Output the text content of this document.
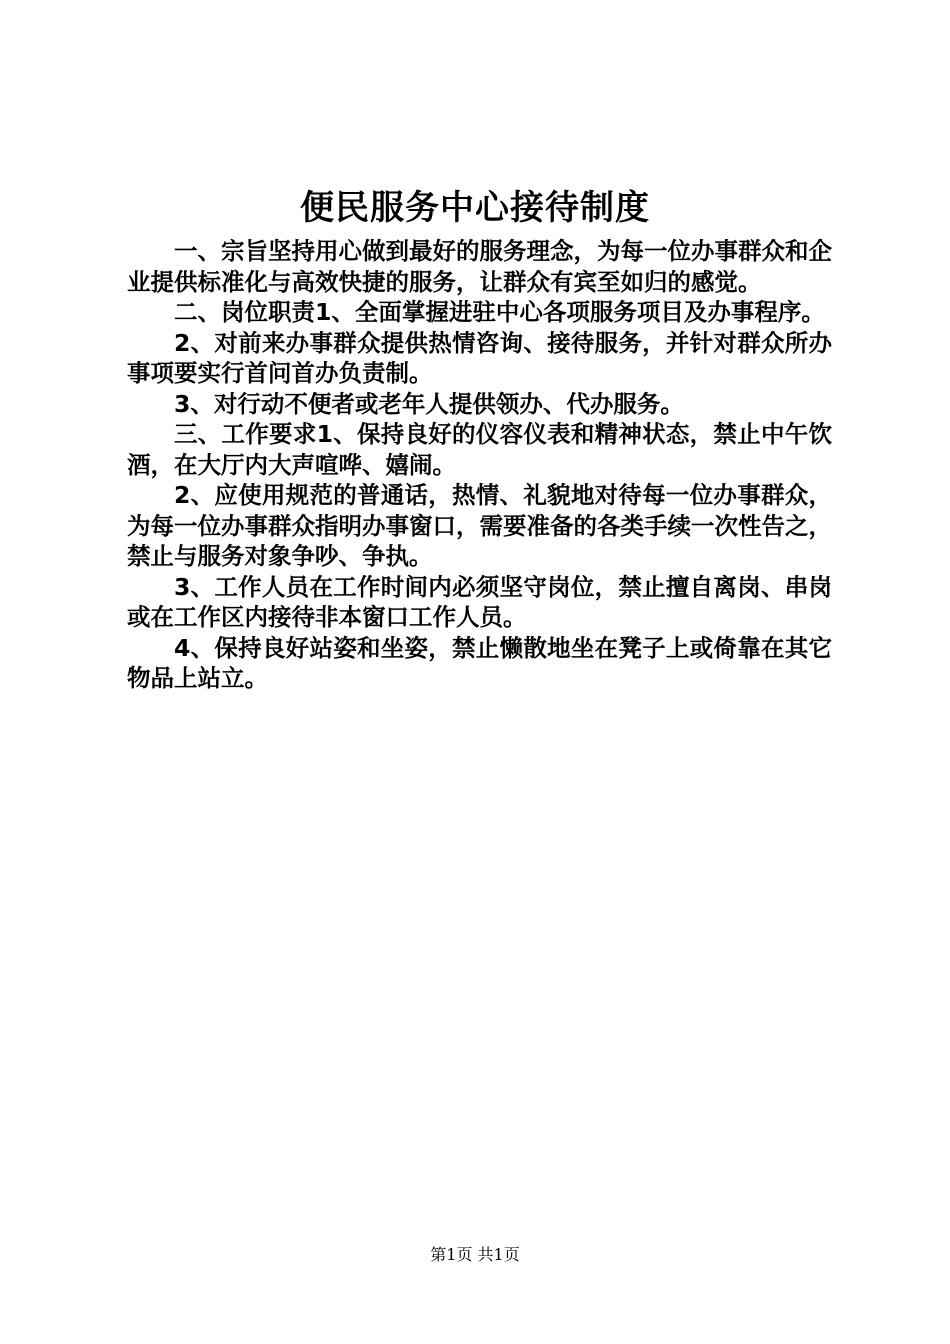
便民服务中心接待制度

一、宗旨坚持用心做到最好的服务理念，为每一位办事群众和企业提供标准化与高效快捷的服务，让群众有宾至如归的感觉。

二、岗位职责1、全面掌握进驻中心各项服务项目及办事程序。

2、对前来办事群众提供热情咨询、接待服务，并针对群众所办事项要实行首问首办负责制。

3、对行动不便者或老年人提供领办、代办服务。

三、工作要求1、保持良好的仪容仪表和精神状态，禁止中午饮酒，在大厅内大声喧哗、嬉闹。

2、应使用规范的普通话，热情、礼貌地对待每一位办事群众，为每一位办事群众指明办事窗口，需要准备的各类手续一次性告之，禁止与服务对象争吵、争执。

3、工作人员在工作时间内必须坚守岗位，禁止擅自离岗、串岗或在工作区内接待非本窗口工作人员。

4、保持良好站姿和坐姿，禁止懒散地坐在凳子上或倚靠在其它物品上站立。

第1页 共1页
